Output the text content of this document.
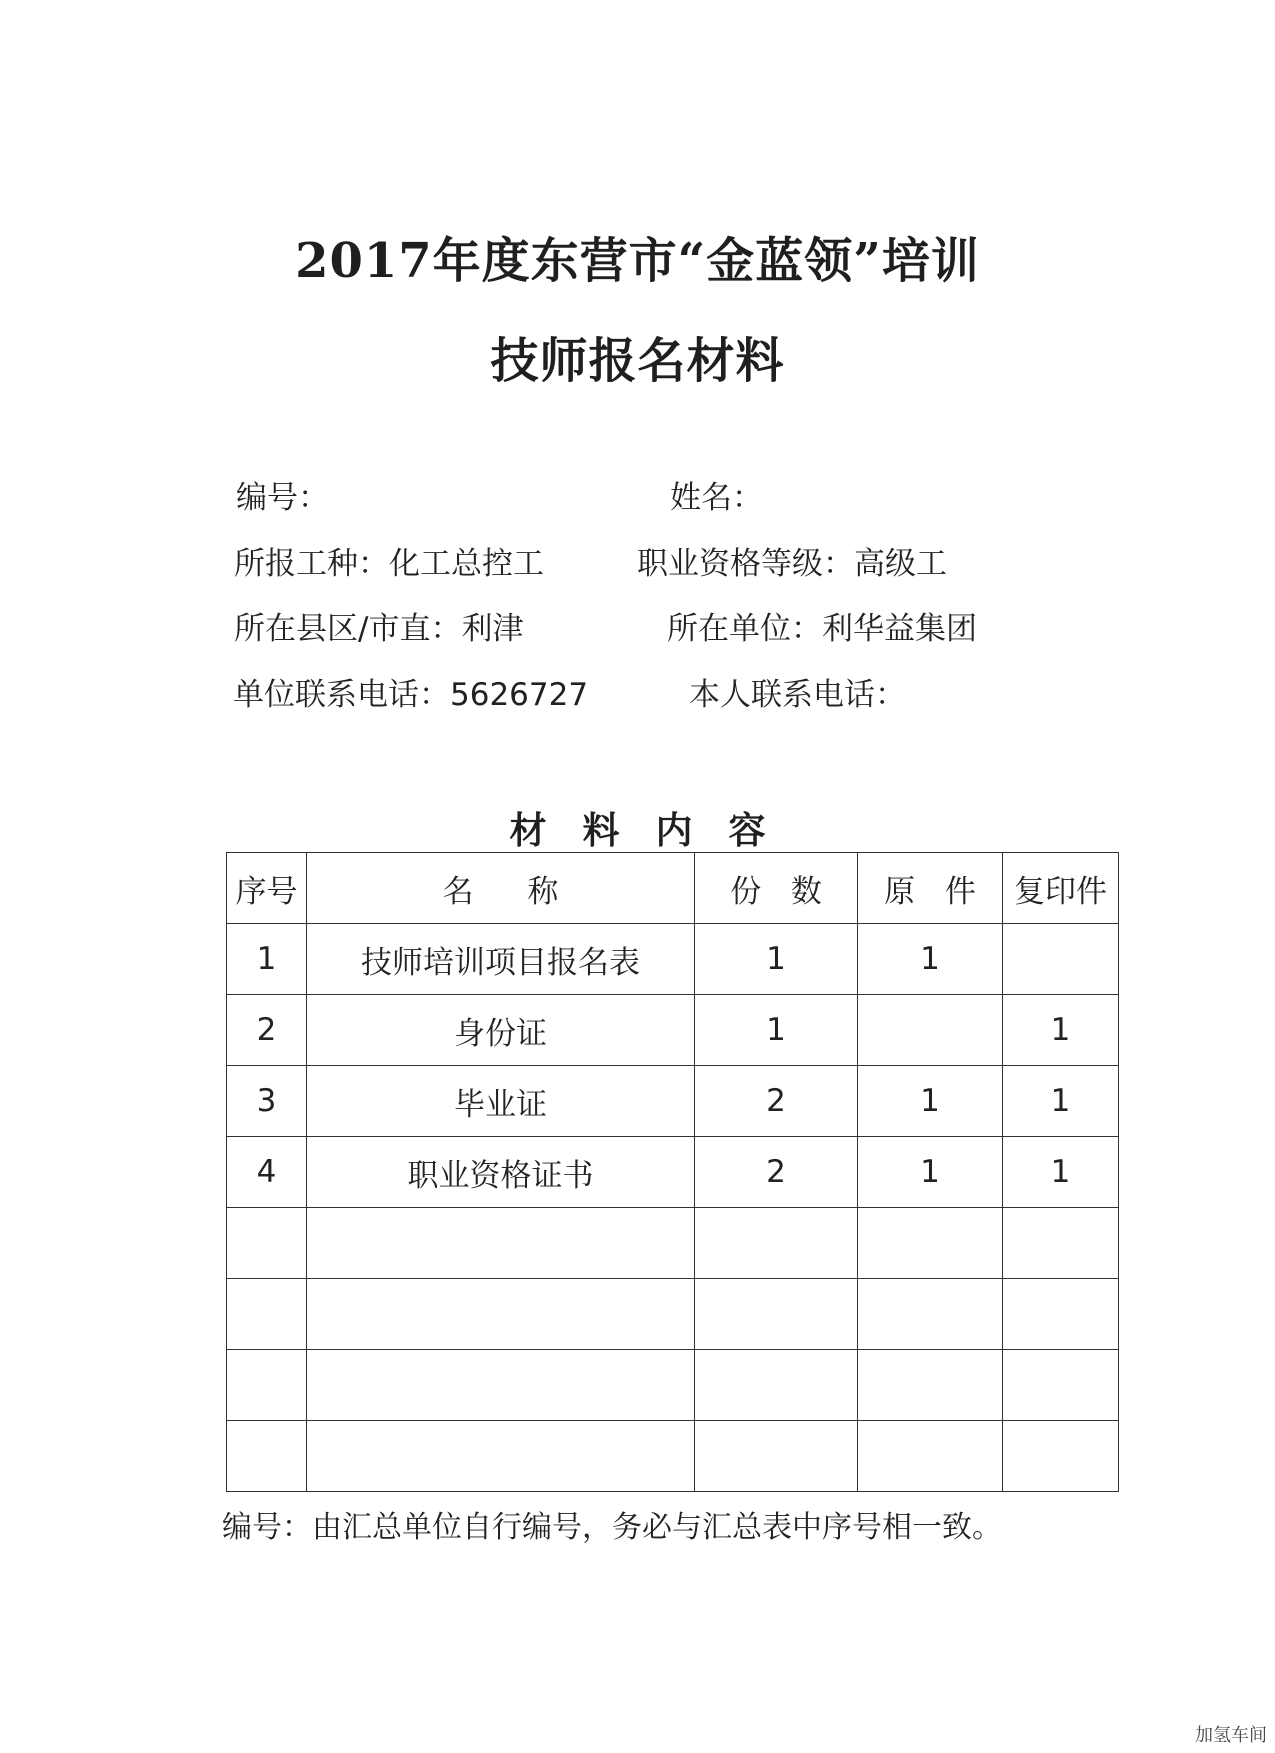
2017年度东营市“金蓝领”培训
技师报名材料
编号：	姓名：
所报工种：化工总控工	职业资格等级：高级工
所在县区/市直：利津	所在单位：利华益集团
单位联系电话：5626727	本人联系电话：
材料内容
序号	名 称	份 数	原 件	复印件
1	技师培训项目报名表	1	1	
2	身份证	1		1
3	毕业证	2	1	1
4	职业资格证书	2	1	1

编号：由汇总单位自行编号，务必与汇总表中序号相一致。
加氢车间
